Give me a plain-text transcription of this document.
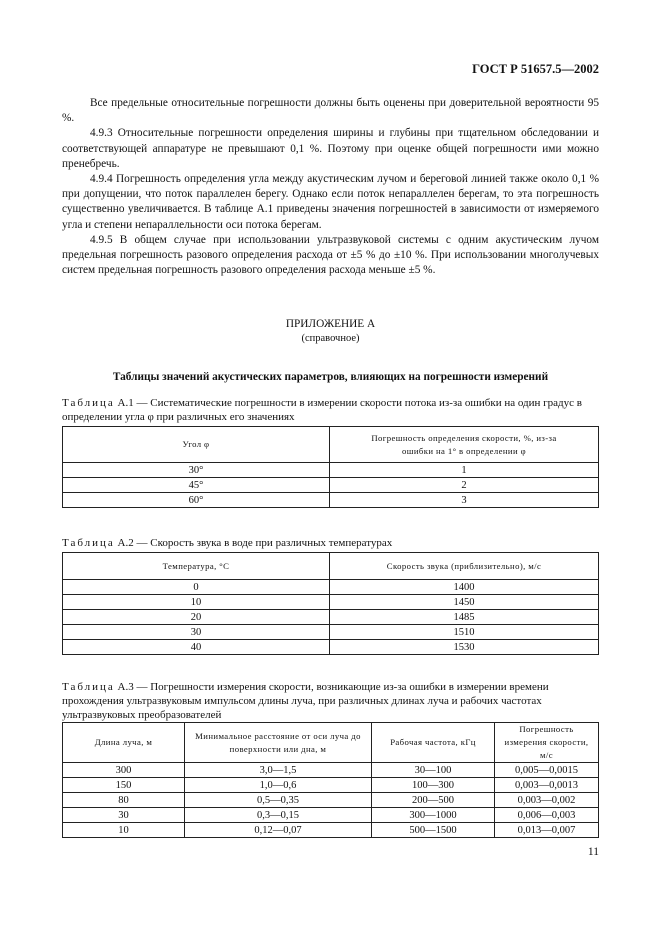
ГОСТ Р 51657.5—2002

Все предельные относительные погрешности должны быть оценены при доверительной вероятности 95 %.

4.9.3 Относительные погрешности определения ширины и глубины при тщательном обследовании и соответствующей аппаратуре не превышают 0,1 %. Поэтому при оценке общей погрешности ими можно пренебречь.

4.9.4 Погрешность определения угла между акустическим лучом и береговой линией также около 0,1 % при допущении, что поток параллелен берегу. Однако если поток непараллелен берегам, то эта погрешность существенно увеличивается. В таблице А.1 приведены значения погрешностей в зависимости от измеряемого угла и степени непараллельности оси потока берегам.

4.9.5 В общем случае при использовании ультразвуковой системы с одним акустическим лучом предельная погрешность разового определения расхода от ±5 % до ±10 %. При использовании многолучевых систем предельная погрешность разового определения расхода меньше ±5 %.

ПРИЛОЖЕНИЕ А
(справочное)
Таблицы значений акустических параметров, влияющих на погрешности измерений
Таблица А.1 — Систематические погрешности в измерении скорости потока из-за ошибки на один градус в определении угла φ при различных его значениях
Угол φ	Погрешность определения скорости, %, из-за ошибки на 1° в определении φ
30°	1
45°	2
60°	3
Таблица А.2 — Скорость звука в воде при различных температурах
Температура, °С	Скорость звука (приблизительно), м/с
0	1400
10	1450
20	1485
30	1510
40	1530
Таблица А.3 — Погрешности измерения скорости, возникающие из-за ошибки в измерении времени прохождения ультразвуковым импульсом длины луча, при различных длинах луча и рабочих частотах ультразвуковых преобразователей
Длина луча, м	Минимальное расстояние от оси луча до поверхности или дна, м	Рабочая частота, кГц	Погрешность измерения скорости, м/с
300	3,0—1,5	30—100	0,005—0,0015
150	1,0—0,6	100—300	0,003—0,0013
80	0,5—0,35	200—500	0,003—0,002
30	0,3—0,15	300—1000	0,006—0,003
10	0,12—0,07	500—1500	0,013—0,007
11
